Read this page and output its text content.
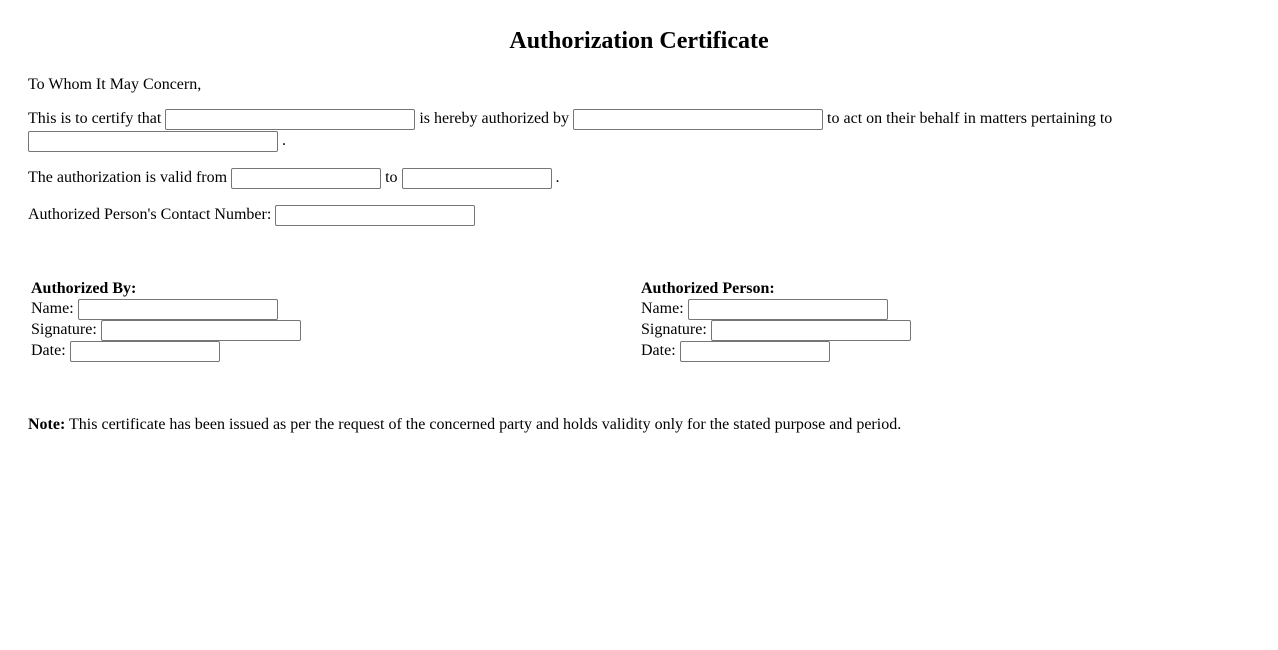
Authorization Certificate
To Whom It May Concern,
This is to certify that	is hereby authorized by	to act on their behalf in matters pertaining to
.
The authorization is valid from	to	.
Authorized Person's Contact Number:
Authorized By:
Name:
Signature:
Date:
Authorized Person:
Name:
Signature:
Date:
Note: This certificate has been issued as per the request of the concerned party and holds validity only for the stated purpose and period.
